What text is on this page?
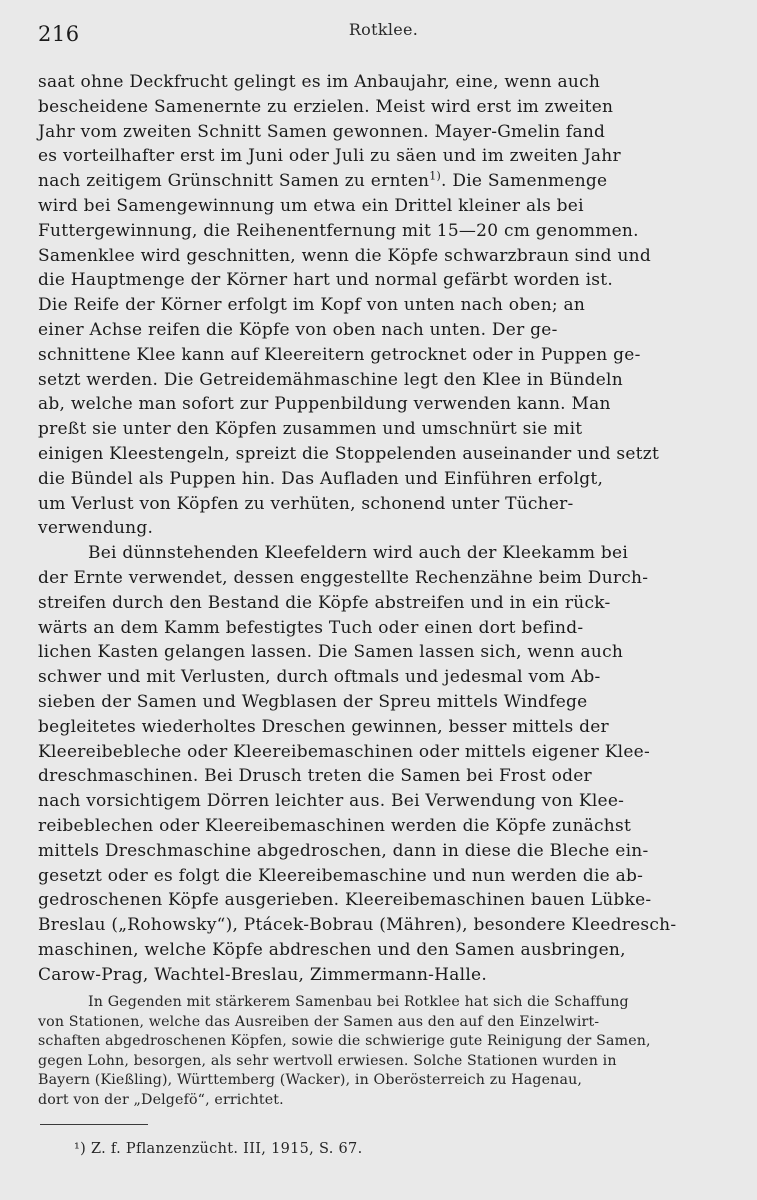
216	Rotklee.

saat ohne Deckfrucht gelingt es im Anbaujahr, eine, wenn auch
bescheidene Samenernte zu erzielen. Meist wird erst im zweiten
Jahr vom zweiten Schnitt Samen gewonnen. Mayer-Gmelin fand
es vorteilhafter erst im Juni oder Juli zu säen und im zweiten Jahr
nach zeitigem Grünschnitt Samen zu ernten$^{1)}$. Die Samenmenge
wird bei Samengewinnung um etwa ein Drittel kleiner als bei
Futtergewinnung, die Reihenentfernung mit 15—20 cm genommen.
Samenklee wird geschnitten, wenn die Köpfe schwarzbraun sind und
die Hauptmenge der Körner hart und normal gefärbt worden ist.
Die Reife der Körner erfolgt im Kopf von unten nach oben; an
einer Achse reifen die Köpfe von oben nach unten. Der ge-
schnittene Klee kann auf Kleereitern getrocknet oder in Puppen ge-
setzt werden. Die Getreidemähmaschine legt den Klee in Bündeln
ab, welche man sofort zur Puppenbildung verwenden kann. Man
preßt sie unter den Köpfen zusammen und umschnürt sie mit
einigen Kleestengeln, spreizt die Stoppelenden auseinander und setzt
die Bündel als Puppen hin. Das Aufladen und Einführen erfolgt,
um Verlust von Köpfen zu verhüten, schonend unter Tücher-
verwendung.

Bei dünnstehenden Kleefeldern wird auch der Kleekamm bei
der Ernte verwendet, dessen enggestellte Rechenzähne beim Durch-
streifen durch den Bestand die Köpfe abstreifen und in ein rück-
wärts an dem Kamm befestigtes Tuch oder einen dort befind-
lichen Kasten gelangen lassen. Die Samen lassen sich, wenn auch
schwer und mit Verlusten, durch oftmals und jedesmal vom Ab-
sieben der Samen und Wegblasen der Spreu mittels Windfege
begleitetes wiederholtes Dreschen gewinnen, besser mittels der
Kleereibebleche oder Kleereibemaschinen oder mittels eigener Klee-
dreschmaschinen. Bei Drusch treten die Samen bei Frost oder
nach vorsichtigem Dörren leichter aus. Bei Verwendung von Klee-
reibeblechen oder Kleereibemaschinen werden die Köpfe zunächst
mittels Dreschmaschine abgedroschen, dann in diese die Bleche ein-
gesetzt oder es folgt die Kleereibemaschine und nun werden die ab-
gedroschenen Köpfe ausgerieben. Kleereibemaschinen bauen Lübke-
Breslau („Rohowsky“), Ptácek-Bobrau (Mähren), besondere Kleedresch-
maschinen, welche Köpfe abdreschen und den Samen ausbringen,
Carow-Prag, Wachtel-Breslau, Zimmermann-Halle.

In Gegenden mit stärkerem Samenbau bei Rotklee hat sich die Schaffung
von Stationen, welche das Ausreiben der Samen aus den auf den Einzelwirt-
schaften abgedroschenen Köpfen, sowie die schwierige gute Reinigung der Samen,
gegen Lohn, besorgen, als sehr wertvoll erwiesen. Solche Stationen wurden in
Bayern (Kießling), Württemberg (Wacker), in Oberösterreich zu Hagenau,
dort von der „Delgefö“, errichtet.
¹) Z. f. Pflanzenzücht. III, 1915, S. 67.
